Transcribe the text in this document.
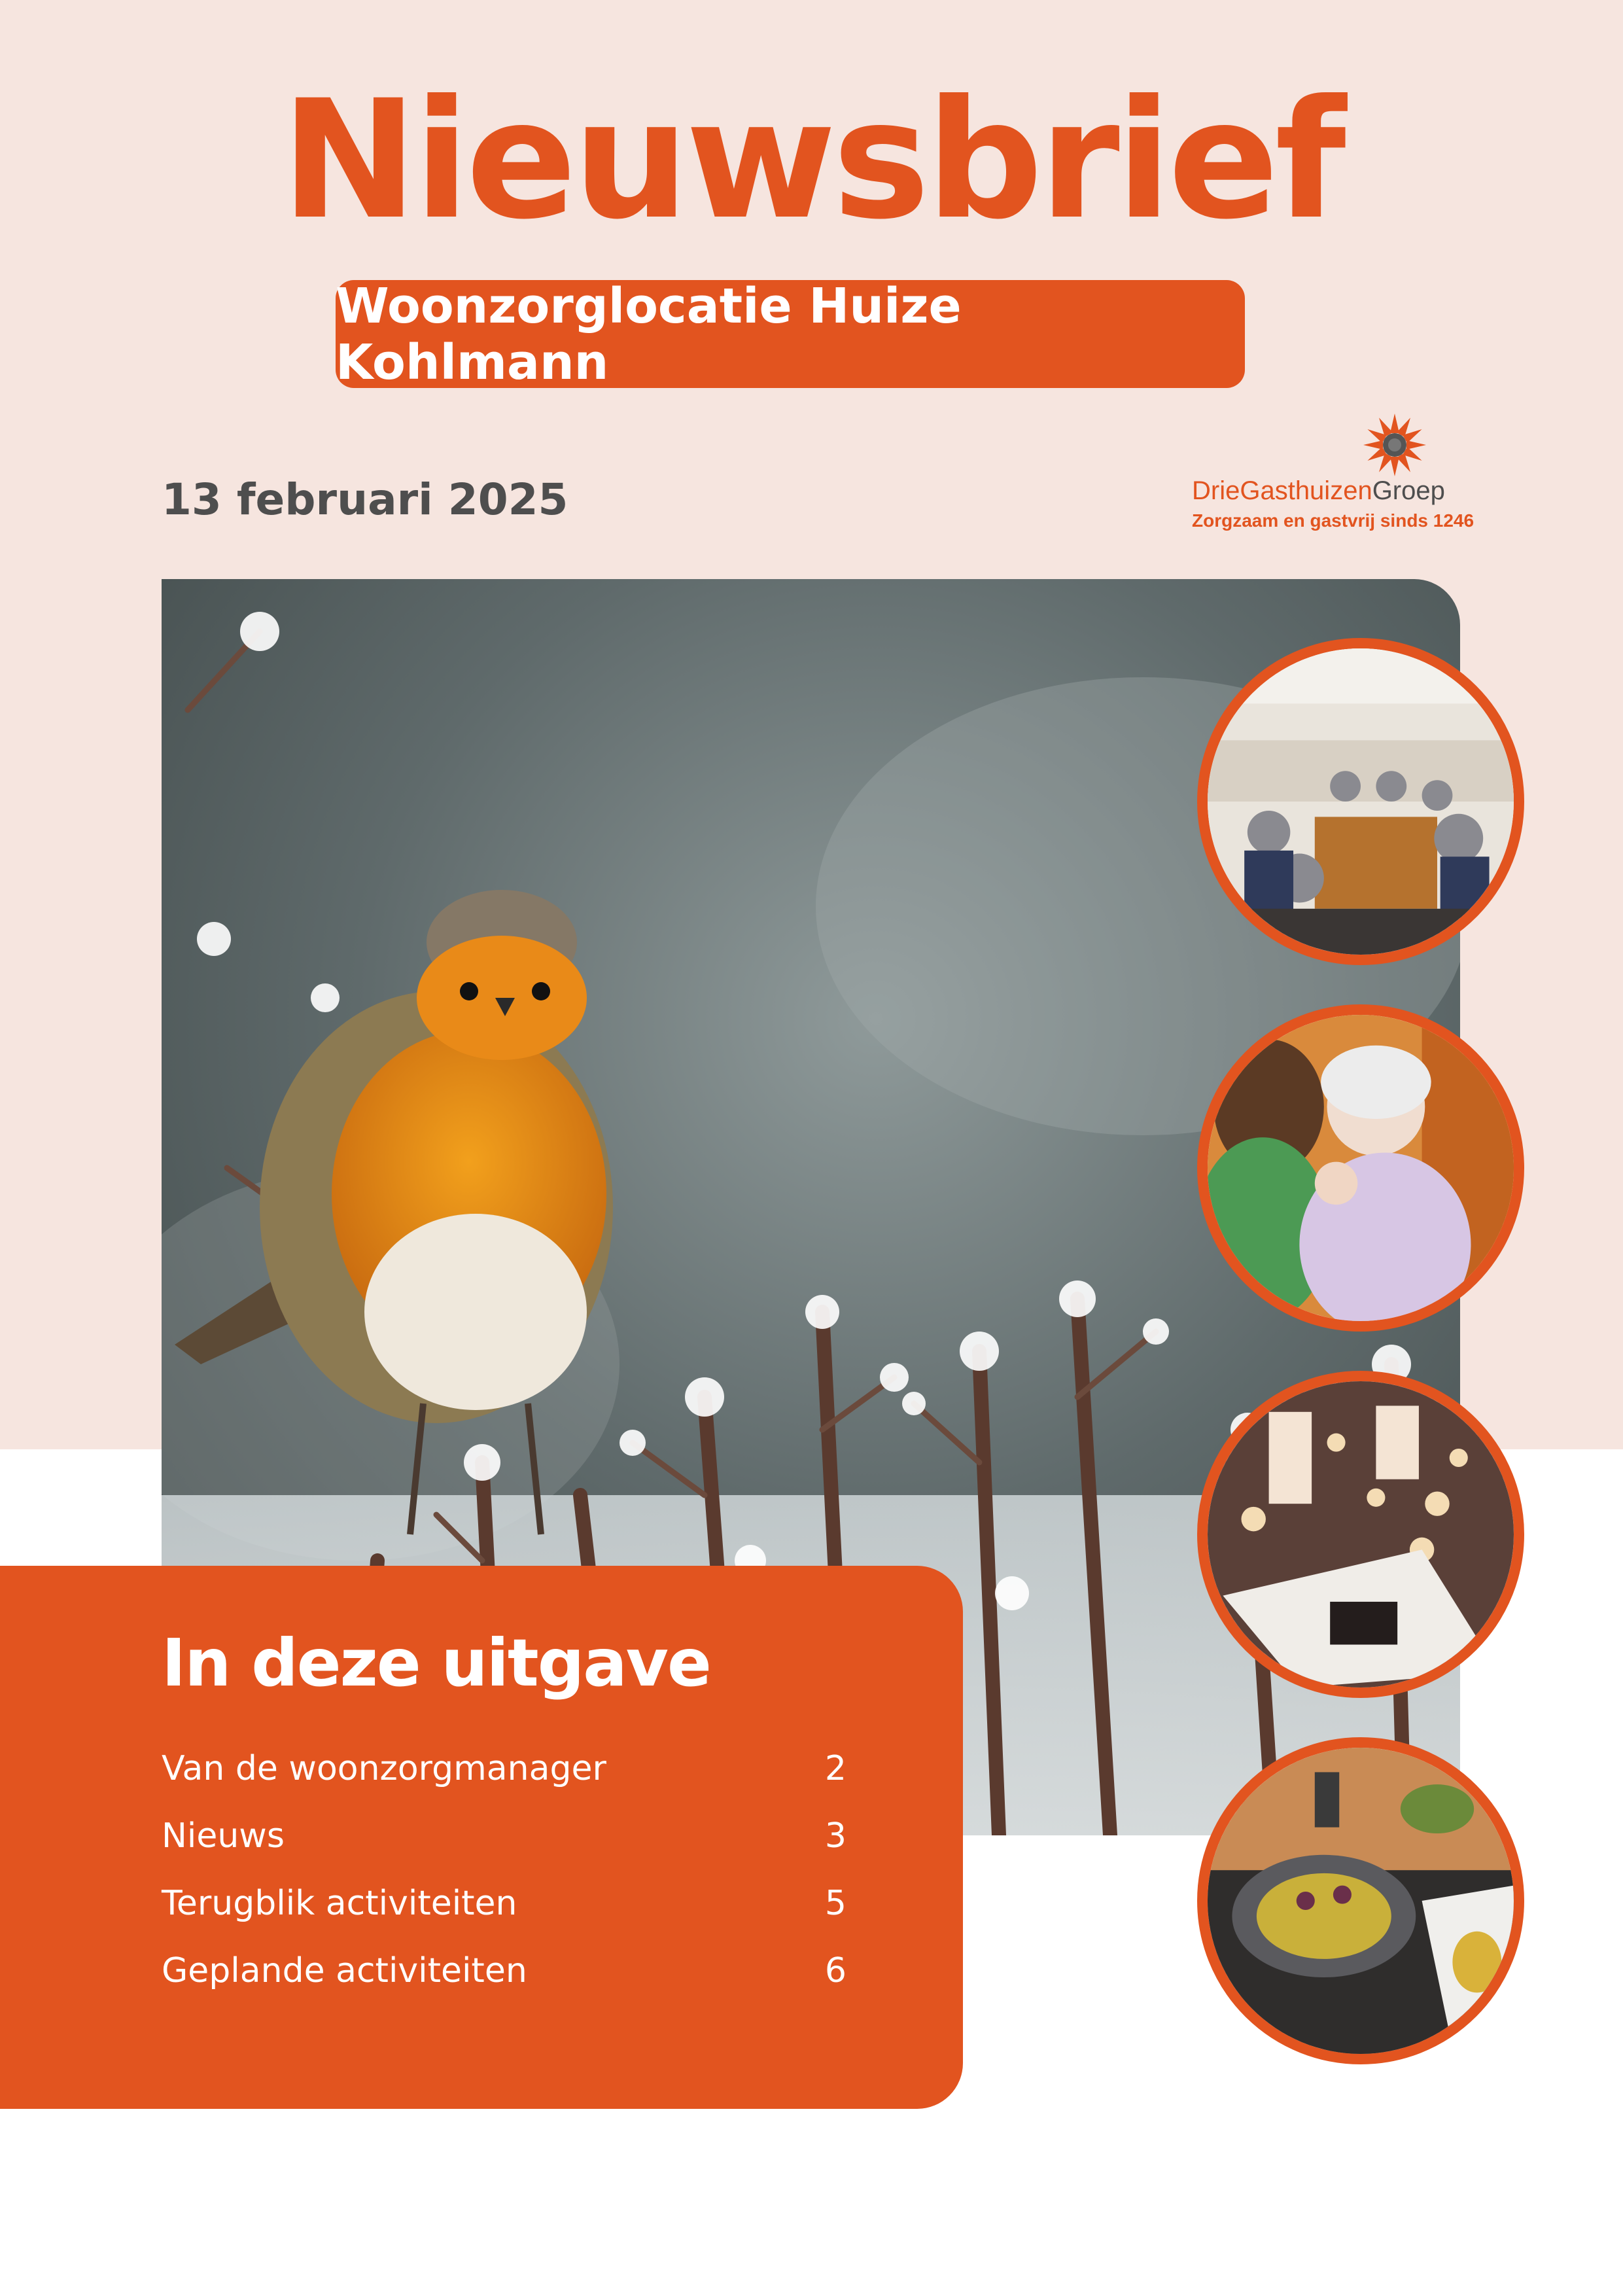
Nieuwsbrief
Woonzorglocatie Huize Kohlmann
13 februari 2025	DrieGasthuizenGroep
Zorgzaam en gastvrij sinds 1246
In deze uitgave
Van de woonzorgmanager	2
Nieuws	3
Terugblik activiteiten	5
Geplande activiteiten	6
